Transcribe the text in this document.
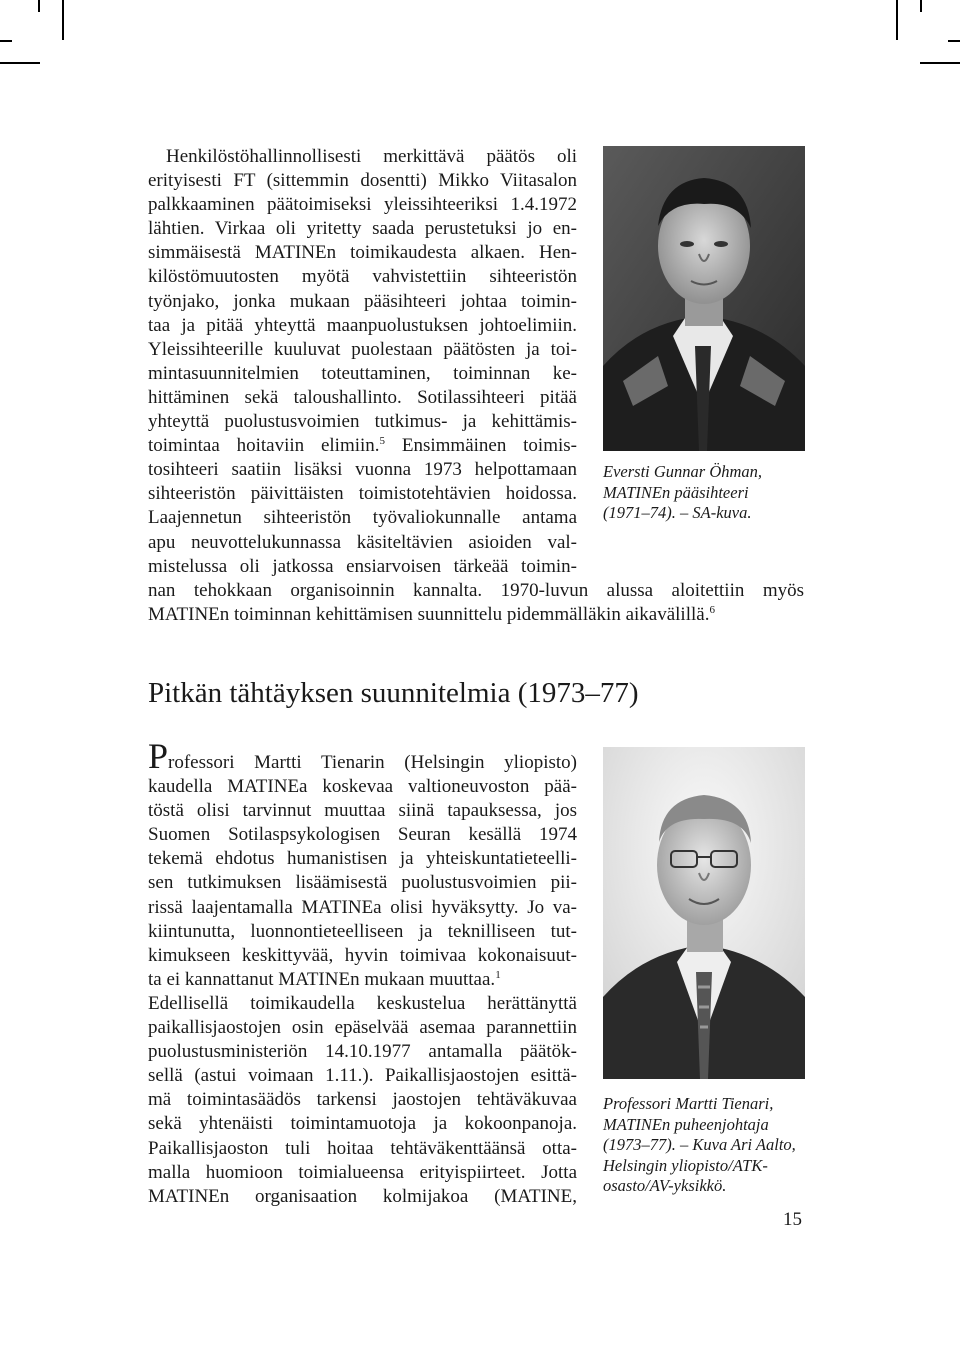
Henkilöstöhallinnollisesti merkittävä päätös oli
erityisesti FT (sittemmin dosentti) Mikko Viitasalon
palkkaaminen päätoimiseksi yleissihteeriksi 1.4.1972
lähtien. Virkaa oli yritetty saada perustetuksi jo en-
simmäisestä MATINEn toimikaudesta alkaen. Hen-
kilöstömuutosten myötä vahvistettiin sihteeristön
työnjako, jonka mukaan pääsihteeri johtaa toimin-
taa ja pitää yhteyttä maanpuolustuksen johtoelimiin.
Yleissihteerille kuuluvat puolestaan päätösten ja toi-
mintasuunnitelmien toteuttaminen, toiminnan ke-
hittäminen sekä taloushallinto. Sotilassihteeri pitää
yhteyttä puolustusvoimien tutkimus- ja kehittämis-
toimintaa hoitaviin elimiin.$^5$ Ensimmäinen toimis-
tosihteeri saatiin lisäksi vuonna 1973 helpottamaan
sihteeristön päivittäisten toimistotehtävien hoidossa.
Laajennetun sihteeristön työvaliokunnalle antama
apu neuvottelukunnassa käsiteltävien asioiden val-
mistelussa oli jatkossa ensiarvoisen tärkeää toimin-
nan tehokkaan organisoinnin kannalta. 1970-luvun alussa aloitettiin myös
MATINEn toiminnan kehittämisen suunnittelu pidemmälläkin aikavälillä.$^6$
Eversti Gunnar Öhman,
MATINEn pääsihteeri
(1971–74). – SA-kuva.
Pitkän tähtäyksen suunnitelmia (1973–77)
Professori Martti Tienarin (Helsingin yliopisto)
kaudella MATINEa koskevaa valtioneuvoston pää-
töstä olisi tarvinnut muuttaa siinä tapauksessa, jos
Suomen Sotilaspsykologisen Seuran kesällä 1974
tekemä ehdotus humanistisen ja yhteiskuntatieteelli-
sen tutkimuksen lisäämisestä puolustusvoimien pii-
rissä laajentamalla MATINEa olisi hyväksytty. Jo va-
kiintunutta, luonnontieteelliseen ja teknilliseen tut-
kimukseen keskittyvää, hyvin toimivaa kokonaisuut-
ta ei kannattanut MATINEn mukaan muuttaa.$^1$
Edellisellä toimikaudella keskustelua herättänyttä
paikallisjaostojen osin epäselvää asemaa parannettiin
puolustusministeriön 14.10.1977 antamalla päätök-
sellä (astui voimaan 1.11.). Paikallisjaostojen esittä-
mä toimintasäädös tarkensi jaostojen tehtäväkuvaa
sekä yhtenäisti toimintamuotoja ja kokoonpanoja.
Paikallisjaoston tuli hoitaa tehtäväkenttäänsä otta-
malla huomioon toimialueensa erityispiirteet. Jotta
MATINEn organisaation kolmijakoa (MATINE,
Professori Martti Tienari,
MATINEn puheenjohtaja
(1973–77). – Kuva Ari Aalto,
Helsingin yliopisto/ATK-
osasto/AV-yksikkö.
15
